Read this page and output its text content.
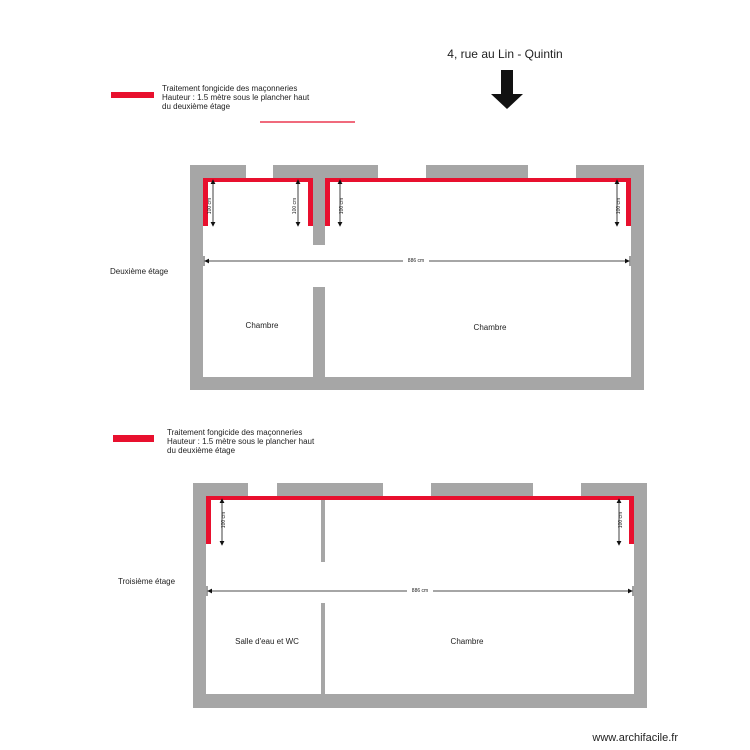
4, rue au Lin - Quintin
Traitement fongicide des maçonneries
Hauteur : 1.5 mètre sous le plancher haut
du deuxième étage
Deuxième étage
100 cm	100 cm	100 cm	100 cm
886 cm
Chambre	Chambre
Traitement fongicide des maçonneries
Hauteur : 1.5 mètre sous le plancher haut
du deuxième étage
Troisième étage
100 cm	100 cm
886 cm
Salle d'eau et WC	Chambre
www.archifacile.fr
